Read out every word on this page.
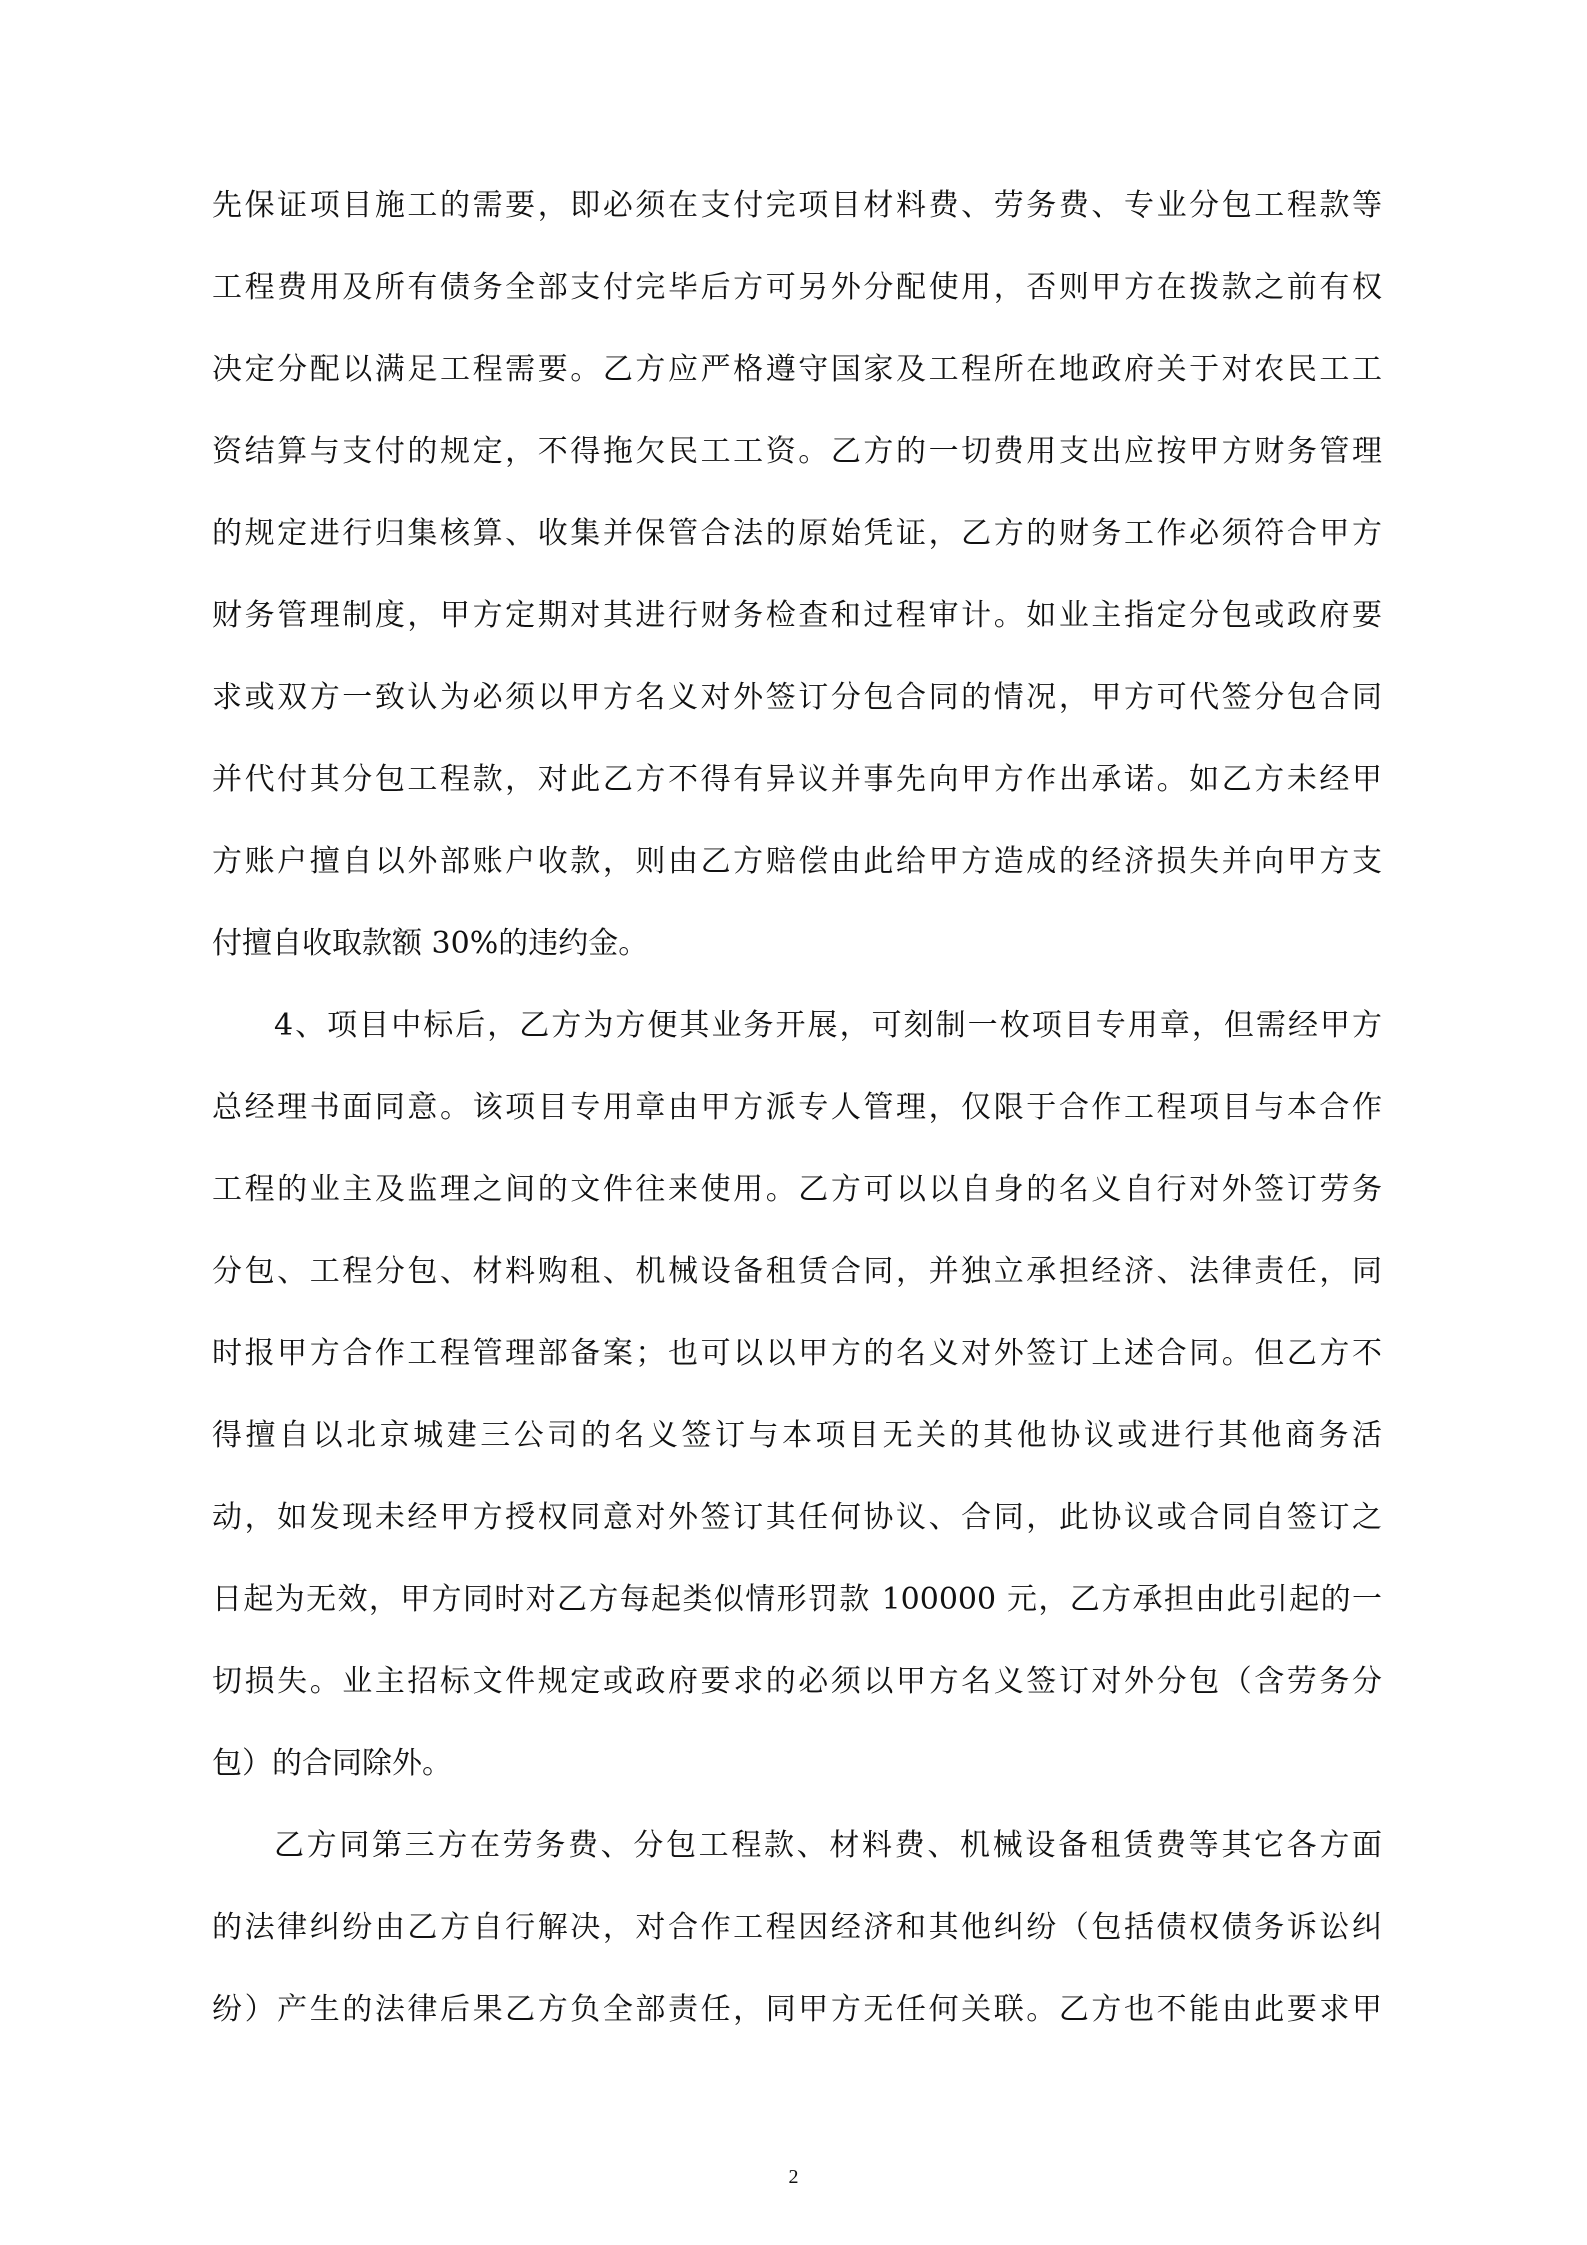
先保证项目施工的需要，即必须在支付完项目材料费、劳务费、专业分包工程款等
工程费用及所有债务全部支付完毕后方可另外分配使用，否则甲方在拨款之前有权
决定分配以满足工程需要。乙方应严格遵守国家及工程所在地政府关于对农民工工
资结算与支付的规定，不得拖欠民工工资。乙方的一切费用支出应按甲方财务管理
的规定进行归集核算、收集并保管合法的原始凭证，乙方的财务工作必须符合甲方
财务管理制度，甲方定期对其进行财务检查和过程审计。如业主指定分包或政府要
求或双方一致认为必须以甲方名义对外签订分包合同的情况，甲方可代签分包合同
并代付其分包工程款，对此乙方不得有异议并事先向甲方作出承诺。如乙方未经甲
方账户擅自以外部账户收款，则由乙方赔偿由此给甲方造成的经济损失并向甲方支
付擅自收取款额 30%的违约金。
4、项目中标后，乙方为方便其业务开展，可刻制一枚项目专用章，但需经甲方
总经理书面同意。该项目专用章由甲方派专人管理，仅限于合作工程项目与本合作
工程的业主及监理之间的文件往来使用。乙方可以以自身的名义自行对外签订劳务
分包、工程分包、材料购租、机械设备租赁合同，并独立承担经济、法律责任，同
时报甲方合作工程管理部备案；也可以以甲方的名义对外签订上述合同。但乙方不
得擅自以北京城建三公司的名义签订与本项目无关的其他协议或进行其他商务活
动，如发现未经甲方授权同意对外签订其任何协议、合同，此协议或合同自签订之
日起为无效，甲方同时对乙方每起类似情形罚款 100000 元，乙方承担由此引起的一
切损失。业主招标文件规定或政府要求的必须以甲方名义签订对外分包（含劳务分
包）的合同除外。
乙方同第三方在劳务费、分包工程款、材料费、机械设备租赁费等其它各方面
的法律纠纷由乙方自行解决，对合作工程因经济和其他纠纷（包括债权债务诉讼纠
纷）产生的法律后果乙方负全部责任，同甲方无任何关联。乙方也不能由此要求甲
2
